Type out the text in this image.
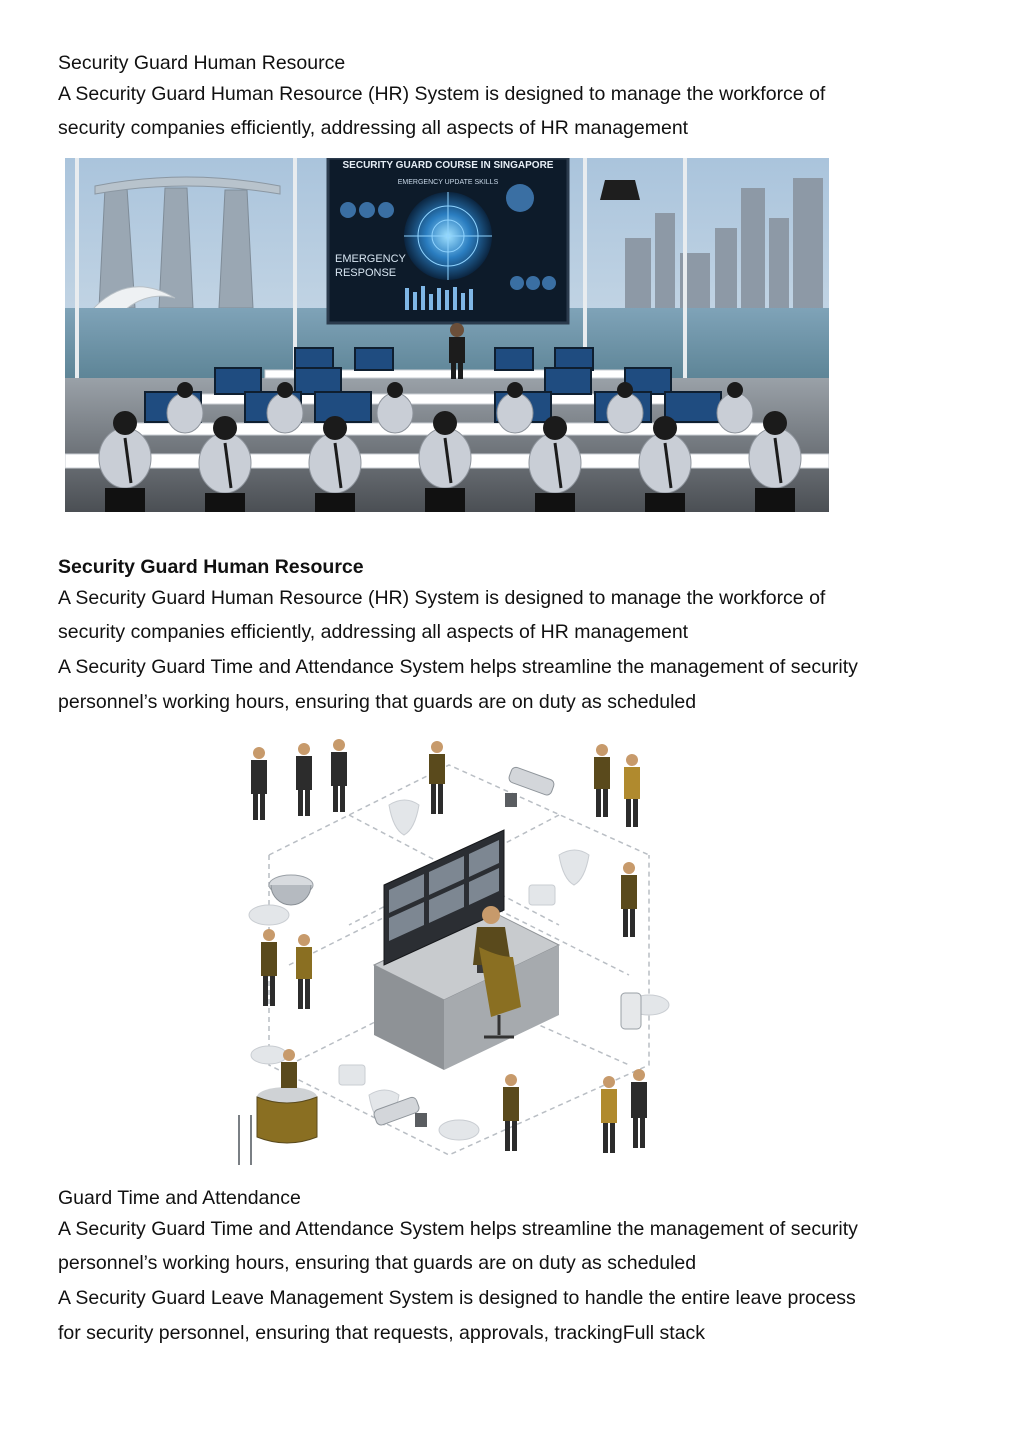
Security Guard Human Resource
A Security Guard Human Resource (HR) System is designed to manage the workforce of
security companies efficiently, addressing all aspects of HR management
SECURITY GUARD COURSE IN SINGAPORE
EMERGENCY UPDATE SKILLS
EMERGENCY
RESPONSE
Security Guard Human Resource
A Security Guard Human Resource (HR) System is designed to manage the workforce of
security companies efficiently, addressing all aspects of HR management
A Security Guard Time and Attendance System helps streamline the management of security
personnel’s working hours, ensuring that guards are on duty as scheduled
Guard Time and Attendance
A Security Guard Time and Attendance System helps streamline the management of security
personnel’s working hours, ensuring that guards are on duty as scheduled
A Security Guard Leave Management System is designed to handle the entire leave process
for security personnel, ensuring that requests, approvals, trackingFull stack
